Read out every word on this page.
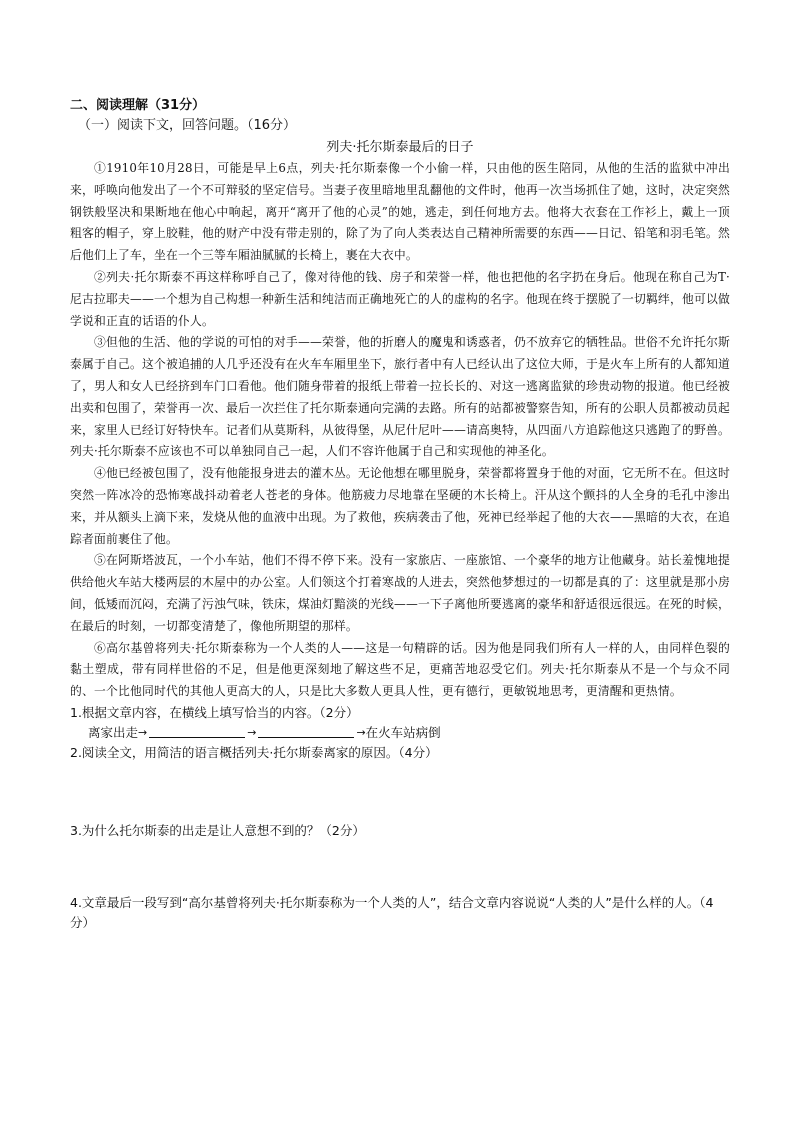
二、阅读理解（31分）

（一）阅读下文，回答问题。（16分）

列夫·托尔斯泰最后的日子

①1910年10月28日，可能是早上6点，列夫·托尔斯泰像一个小偷一样，只由他的医生陪同，从他的生活的监狱中冲出来，呼唤向他发出了一个不可辩驳的坚定信号。当妻子夜里暗地里乱翻他的文件时，他再一次当场抓住了她，这时，决定突然钢铁般坚决和果断地在他心中响起，离开“离开了他的心灵”的她，逃走，到任何地方去。他将大衣套在工作衫上，戴上一顶粗客的帽子，穿上胶鞋，他的财产中没有带走别的，除了为了向人类表达自己精神所需要的东西——日记、铅笔和羽毛笔。然后他们上了车，坐在一个三等车厢油腻腻的长椅上，裹在大衣中。

②列夫·托尔斯泰不再这样称呼自己了，像对待他的钱、房子和荣誉一样，他也把他的名字扔在身后。他现在称自己为T·尼古拉耶夫——一个想为自己构想一种新生活和纯洁而正确地死亡的人的虚构的名字。他现在终于摆脱了一切羁绊，他可以做学说和正直的话语的仆人。

③但他的生活、他的学说的可怕的对手——荣誉，他的折磨人的魔鬼和诱惑者，仍不放弃它的牺牲品。世俗不允许托尔斯泰属于自己。这个被追捕的人几乎还没有在火车车厢里坐下，旅行者中有人已经认出了这位大师，于是火车上所有的人都知道了，男人和女人已经挤到车门口看他。他们随身带着的报纸上带着一拉长长的、对这一逃离监狱的珍贵动物的报道。他已经被出卖和包围了，荣誉再一次、最后一次拦住了托尔斯泰通向完满的去路。所有的站都被警察告知，所有的公职人员都被动员起来，家里人已经订好特快车。记者们从莫斯科，从彼得堡，从尼什尼叶——请高奥特，从四面八方追踪他这只逃跑了的野兽。列夫·托尔斯泰不应该也不可以单独同自己一起，人们不容许他属于自己和实现他的神圣化。

④他已经被包围了，没有他能报身进去的灌木丛。无论他想在哪里脱身，荣誉都将置身于他的对面，它无所不在。但这时突然一阵冰冷的恐怖寒战抖动着老人苍老的身体。他筋疲力尽地靠在坚硬的木长椅上。汗从这个颤抖的人全身的毛孔中渗出来，并从额头上滴下来，发烧从他的血液中出现。为了救他，疾病袭击了他，死神已经举起了他的大衣——黑暗的大衣，在追踪者面前裹住了他。

⑤在阿斯塔波瓦，一个小车站，他们不得不停下来。没有一家旅店、一座旅馆、一个豪华的地方让他藏身。站长羞愧地提供给他火车站大楼两层的木屋中的办公室。人们领这个打着寒战的人进去，突然他梦想过的一切都是真的了：这里就是那小房间，低矮而沉闷，充满了污浊气味，铁床，煤油灯黯淡的光线——一下子离他所要逃离的豪华和舒适很远很远。在死的时候，在最后的时刻，一切都变清楚了，像他所期望的那样。

⑥高尔基曾将列夫·托尔斯泰称为一个人类的人——这是一句精辟的话。因为他是同我们所有人一样的人，由同样色裂的黏土塑成，带有同样世俗的不足，但是他更深刻地了解这些不足，更痛苦地忍受它们。列夫·托尔斯泰从不是一个与众不同的、一个比他同时代的其他人更高大的人，只是比大多数人更具人性，更有德行，更敏锐地思考，更清醒和更热情。

1.根据文章内容，在横线上填写恰当的内容。（2分）

离家出走 →	→	→ 在火车站病倒

2.阅读全文，用简洁的语言概括列夫·托尔斯泰离家的原因。（4分）

3.为什么托尔斯泰的出走是让人意想不到的？（2分）

4.文章最后一段写到“高尔基曾将列夫·托尔斯泰称为一个人类的人”，结合文章内容说说“人类的人”是什么样的人。（4分）
